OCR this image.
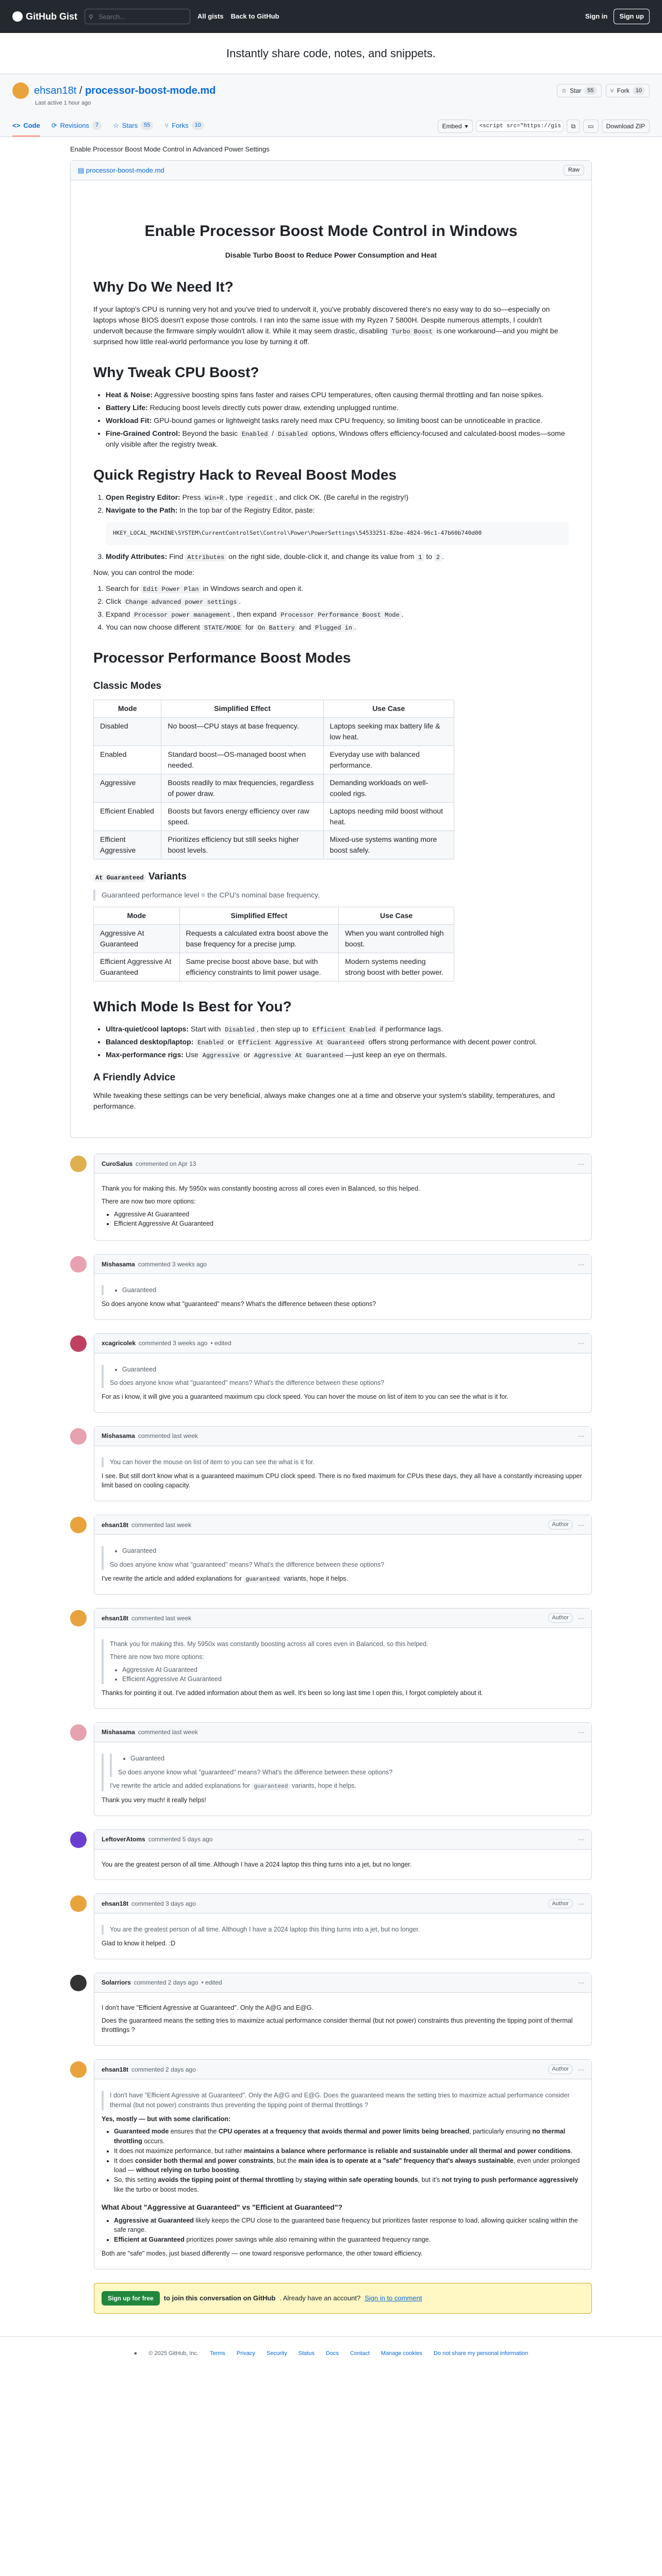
GitHub Gist ⚲
Search...	All gists Back to GitHub	Sign in	Sign up
Instantly share code, notes, and snippets.
ehsan18t / processor-boost-mode.md	☆ Star	55	⑂ Fork	10
Last active 1 hour ago
<> Code ⟳ Revisions	7	☆ Stars	55	⑂ Forks	10	Embed ▾	<script src="https://gis	⧉ ▭	Download ZIP
Enable Processor Boost Mode Control in Advanced Power Settings
▤ processor-boost-mode.md	Raw
Enable Processor Boost Mode Control in Windows

Disable Turbo Boost to Reduce Power Consumption and Heat

Why Do We Need It?

If your laptop's CPU is running very hot and you've tried to undervolt it, you've probably discovered there's no easy way to do so—especially on laptops whose BIOS doesn't expose those controls. I ran into the same issue with my Ryzen 7 5800H. Despite numerous attempts, I couldn't undervolt because the firmware simply wouldn't allow it. While it may seem drastic, disabling Turbo Boost is one workaround—and you might be surprised how little real-world performance you lose by turning it off.

Why Tweak CPU Boost?
• Heat & Noise: Aggressive boosting spins fans faster and raises CPU temperatures, often causing thermal throttling and fan noise spikes.
• Battery Life: Reducing boost levels directly cuts power draw, extending unplugged runtime.
• Workload Fit: GPU-bound games or lightweight tasks rarely need max CPU frequency, so limiting boost can be unnoticeable in practice.
• Fine-Grained Control: Beyond the basic Enabled / Disabled options, Windows offers efficiency-focused and calculated-boost modes—some only visible after the registry tweak.
Quick Registry Hack to Reveal Boost Modes
1. Open Registry Editor: Press Win+R , type regedit , and click OK. (Be careful in the registry!)
2. Navigate to the Path: In the top bar of the Registry Editor, paste:
HKEY_LOCAL_MACHINE\SYSTEM\CurrentControlSet\Control\Power\PowerSettings\54533251-82be-4824-96c1-47b60b740d00
3. Modify Attributes: Find Attributes on the right side, double-click it, and change its value from 1 to 2 .

Now, you can control the mode:

1. Search for Edit Power Plan in Windows search and open it.
2. Click Change advanced power settings .
3. Expand Processor power management , then expand Processor Performance Boost Mode .
4. You can now choose different STATE/MODE for On Battery and Plugged in .
Processor Performance Boost Modes
Classic Modes
Mode	Simplified Effect	Use Case
Disabled	No boost—CPU stays at base frequency.	Laptops seeking max battery life & low heat.
Enabled	Standard boost—OS-managed boost when needed.	Everyday use with balanced performance.
Aggressive	Boosts readily to max frequencies, regardless of power draw.	Demanding workloads on well-cooled rigs.
Efficient Enabled	Boosts but favors energy efficiency over raw speed.	Laptops needing mild boost without heat.
Efficient Aggressive	Prioritizes efficiency but still seeks higher boost levels.	Mixed-use systems wanting more boost safely.
At Guaranteed Variants
Guaranteed performance level = the CPU's nominal base frequency.
Mode	Simplified Effect	Use Case
Aggressive At Guaranteed	Requests a calculated extra boost above the base frequency for a precise jump.	When you want controlled high boost.
Efficient Aggressive At Guaranteed	Same precise boost above base, but with efficiency constraints to limit power usage.	Modern systems needing strong boost with better power.
Which Mode Is Best for You?
• Ultra-quiet/cool laptops: Start with Disabled , then step up to Efficient Enabled if performance lags.
• Balanced desktop/laptop: Enabled or Efficient Aggressive At Guaranteed offers strong performance with decent power control.
• Max-performance rigs: Use Aggressive or Aggressive At Guaranteed —just keep an eye on thermals.
A Friendly Advice

While tweaking these settings can be very beneficial, always make changes one at a time and observe your system's stability, temperatures, and performance.

CuroSalus commented on Apr 13	···

Thank you for making this. My 5950x was constantly boosting across all cores even in Balanced, so this helped.

There are now two more options:

• Aggressive At Guaranteed
• Efficient Aggressive At Guaranteed
Mishasama commented 3 weeks ago	···
• Guaranteed

So does anyone know what "guaranteed" means? What's the difference between these options?

xcagricolek commented 3 weeks ago • edited	···
• Guaranteed

So does anyone know what "guaranteed" means? What's the difference between these options?

For as i know, it will give you a guaranteed maximum cpu clock speed. You can hover the mouse on list of item to you can see the what is it for.

Mishasama commented last week	···

You can hover the mouse on list of item to you can see the what is it for.

I see. But still don't know what is a guaranteed maximum CPU clock speed. There is no fixed maximum for CPUs these days, they all have a constantly increasing upper limit based on cooling capacity.

ehsan18t commented last week	Author	···
• Guaranteed

So does anyone know what "guaranteed" means? What's the difference between these options?

I've rewrite the article and added explanations for guaranteed variants, hope it helps.

ehsan18t commented last week	Author	···

Thank you for making this. My 5950x was constantly boosting across all cores even in Balanced, so this helped.

There are now two more options:

• Aggressive At Guaranteed
• Efficient Aggressive At Guaranteed

Thanks for pointing it out. I've added information about them as well. It's been so long last time I open this, I forgot completely about it.

Mishasama commented last week	···
• Guaranteed

So does anyone know what "guaranteed" means? What's the difference between these options?

I've rewrite the article and added explanations for guaranteed variants, hope it helps.

Thank you very much! it really helps!

LeftoverAtoms commented 5 days ago	···

You are the greatest person of all time. Although I have a 2024 laptop this thing turns into a jet, but no longer.

ehsan18t commented 3 days ago	Author	···

You are the greatest person of all time. Although I have a 2024 laptop this thing turns into a jet, but no longer.

Glad to know it helped. :D

Solarriors commented 2 days ago • edited	···

I don't have "Efficient Agressive at Guaranteed". Only the A@G and E@G.

Does the guaranteed means the setting tries to maximize actual performance consider thermal (but not power) constraints thus preventing the tipping point of thermal throttlings ?

ehsan18t commented 2 days ago	Author	···

I don't have "Efficient Agressive at Guaranteed". Only the A@G and E@G. Does the guaranteed means the setting tries to maximize actual performance consider thermal (but not power) constraints thus preventing the tipping point of thermal throttlings ?

Yes, mostly — but with some clarification:

• Guaranteed mode ensures that the CPU operates at a frequency that avoids thermal and power limits being breached, particularly ensuring no thermal throttling occurs.
• It does not maximize performance, but rather maintains a balance where performance is reliable and sustainable under all thermal and power conditions.
• It does consider both thermal and power constraints, but the main idea is to operate at a "safe" frequency that's always sustainable, even under prolonged load — without relying on turbo boosting.
• So, this setting avoids the tipping point of thermal throttling by staying within safe operating bounds, but it's not trying to push performance aggressively like the turbo or boost modes.
What About "Aggressive at Guaranteed" vs "Efficient at Guaranteed"?
• Aggressive at Guaranteed likely keeps the CPU close to the guaranteed base frequency but prioritizes faster response to load, allowing quicker scaling within the safe range.
• Efficient at Guaranteed prioritizes power savings while also remaining within the guaranteed frequency range.

Both are "safe" modes, just biased differently — one toward responsive performance, the other toward efficiency.

Sign up for free	to join this conversation on GitHub . Already have an account? Sign in to comment
● © 2025 GitHub, Inc. Terms Privacy Security Status Docs Contact Manage cookies Do not share my personal information
